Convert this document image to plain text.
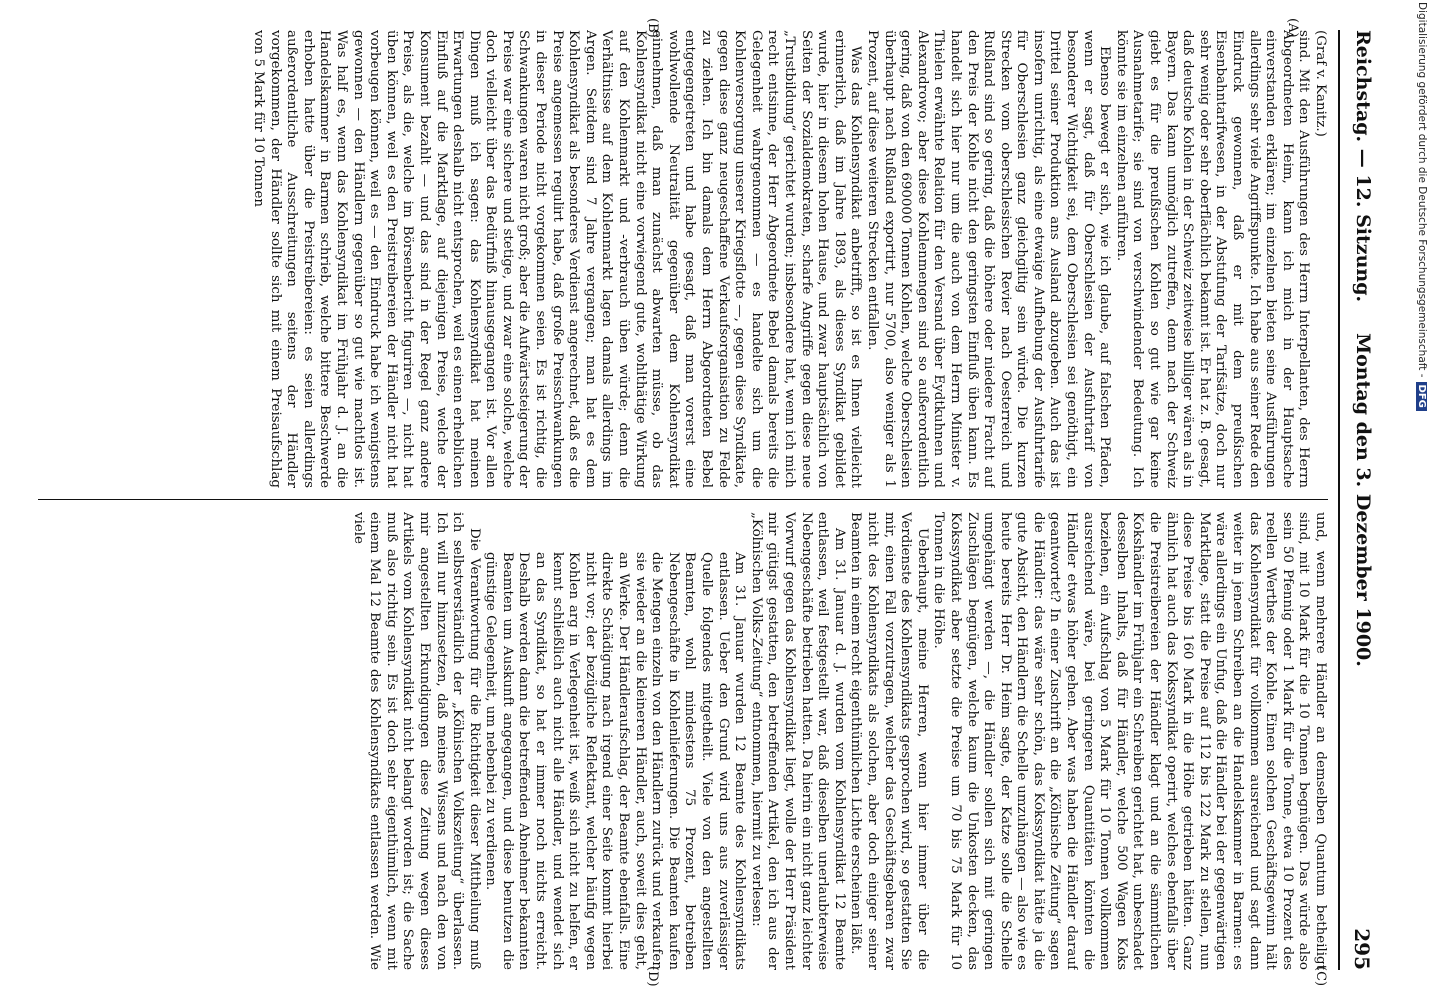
Reichstag. — 12. Sitzung.
Montag den 3. Dezember 1900.
295
(A)
(B)
(C)
(D)

(Graf v. Kanitz.)

sind. Mit den Ausführungen des Herrn Interpellanten, des Herrn Abgeordneten Heim, kann ich mich in der Hauptsache einverstanden erklären; im einzelnen bieten seine Ausführungen allerdings sehr viele Angriffspunkte. Ich habe aus seiner Rede den Eindruck gewonnen, daß er mit dem preußischen Eisenbahntarifwesen, in der Abstufung der Tarifsätze, doch nur sehr wenig oder sehr oberflächlich bekannt ist. Er hat z. B. gesagt, daß deutsche Kohlen in der Schweiz zeitweise billiger wären als in Bayern. Das kann unmöglich zutreffen, denn nach der Schweiz giebt es für die preußischen Kohlen so gut wie gar keine Ausnahmetarife; sie sind von verschwindender Bedeutung. Ich könnte sie im einzelnen anführen.

Ebenso bewegt er sich, wie ich glaube, auf falschen Pfaden, wenn er sagt, daß für Oberschlesien der Ausfuhrtarif von besonderer Wichtigkeit sei, dem Oberschlesien sei genöthigt, ein Drittel seiner Produktion ans Ausland abzugeben. Auch das ist insofern unrichtig, als eine etwaige Aufhebung der Ausfuhrtarife für Oberschlesien ganz gleichgiltig sein würde. Die kurzen Strecken vom oberschlesischen Revier nach Oesterreich und Rußland sind so gering, daß die höhere oder niedere Fracht auf den Preis der Kohle nicht den geringsten Einfluß üben kann. Es handelt sich hier nur um die auch von dem Herrn Minister v. Thielen erwähnte Relation für den Versand über Eydtkuhnen und Alexandrowo; aber diese Kohlenmengen sind so außerordentlich gering, daß von den 690000 Tonnen Kohlen, welche Oberschlesien überhaupt nach Rußland exportirt, nur 5700, also weniger als 1 Prozent, auf diese weiteren Strecken entfallen.

Was das Kohlensyndikat anbetrifft, so ist es Ihnen vielleicht erinnerlich, daß im Jahre 1893, als dieses Syndikat gebildet wurde, hier in diesem hohen Hause, und zwar hauptsächlich von Seiten der Sozialdemokraten, scharfe Angriffe gegen diese neue „Trustbildung“ gerichtet wurden; insbesondere hat, wenn ich mich recht entsinne, der Herr Abgeordnete Bebel damals bereits die Gelegenheit wahrgenommen — es handelte sich um die Kohlenversorgung unserer Kriegsflotte —, gegen diese Syndikate, gegen diese ganz neugeschaffene Verkaufsorganisation zu Felde zu ziehen. Ich bin damals dem Herrn Abgeordneten Bebel entgegengetreten und habe gesagt, daß man vorerst eine wohlwollende Neutralität gegenüber dem Kohlensyndikat einnehmen, daß man zunächst abwarten müsse, ob das Kohlensyndikat nicht eine vorwiegend gute, wohlthätige Wirkung auf den Kohlenmarkt und -verbrauch üben würde; denn die Verhältnisse auf dem Kohlenmarkt lagen damals allerdings im Argen. Seitdem sind 7 Jahre vergangen; man hat es dem Kohlensyndikat als besonderes Verdienst angerechnet, daß es die Preise angemessen regulirt habe, daß große Preisschwankungen in dieser Periode nicht vorgekommen seien. Es ist richtig, die Schwankungen waren nicht groß; aber die Aufwärtssteigerung der Preise war eine sichere und stetige, und zwar eine solche, welche doch vielleicht über das Bedürfniß hinausgegangen ist. Vor allen Dingen muß ich sagen: das Kohlensyndikat hat meinen Erwartungen deshalb nicht entsprochen, weil es einen erheblichen Einfluß auf die Marktlage, auf diejenigen Preise, welche der Konsument bezahlt — und das sind in der Regel ganz andere Preise, als die, welche im Börsenbericht figuriren —, nicht hat üben können, weil es den Preistreibereien der Händler nicht hat vorbeugen können, weil es — den Eindruck habe ich wenigstens gewonnen — den Händlern gegenüber so gut wie machtlos ist. Was half es, wenn das Kohlensyndikat im Frühjahr d. J. an die Handelskammer in Barmen schrieb, welche bittere Beschwerde erhoben hatte über die Preistreibereien: es seien allerdings außerordentliche Ausschreitungen seitens der Händler vorgekommen, der Händler sollte sich mit einem Preisaufschlag von 5 Mark für 10 Tonnen

und, wenn mehrere Händler an demselben Quantum betheiligt sind, mit 10 Mark für die 10 Tonnen begnügen. Das würde also sein 50 Pfennig oder 1 Mark für die Tonne, etwa 10 Prozent des reellen Werthes der Kohle. Einen solchen Geschäftsgewinn hält das Kohlensyndikat für vollkommen ausreichend und sagt dann weiter in jenem Schreiben an die Handelskammer in Barmen: es wäre allerdings ein Unfug, daß die Händler bei der gegenwärtigen Marktlage, statt die Preise auf 112 bis 122 Mark zu stellen, nun diese Preise bis 160 Mark in die Höhe getrieben hätten. Ganz ähnlich hat auch das Kokssyndikat operirt, welches ebenfalls über die Preistreibereien der Händler klagt und an die sämmtlichen Kokshändler im Frühjahr ein Schreiben gerichtet hat, unbeschadet desselben Inhalts, daß für Händler, welche 500 Wagen Koks beziehen, ein Aufschlag von 5 Mark für 10 Tonnen vollkommen ausreichend wäre, bei geringeren Quantitäten könnten die Händler etwas höher gehen. Aber was haben die Händler darauf geantwortet? In einer Zuschrift an die „Kölnische Zeitung“ sagen die Händler: das wäre sehr schön, das Kokssyndikat hätte ja die gute Absicht, den Händlern die Schelle umzuhängen — also wie es heute bereits Herr Dr. Heim sagte, der Katze solle die Schelle umgehängt werden —, die Händler sollen sich mit geringen Zuschlägen begnügen, welche kaum die Unkosten decken, das Kokssyndikat aber setzte die Preise um 70 bis 75 Mark für 10 Tonnen in die Höhe.

Ueberhaupt, meine Herren, wenn hier immer über die Verdienste des Kohlensyndikats gesprochen wird, so gestatten Sie mir, einen Fall vorzutragen, welcher das Geschäftsgebaren zwar nicht des Kohlensyndikats als solchen, aber doch einiger seiner Beamten in einem recht eigenthümlichen Lichte erscheinen läßt.

Am 31. Januar d. J. wurden vom Kohlensyndikat 12 Beamte entlassen, weil festgestellt war, daß dieselben unerlaubterweise Nebengeschäfte betrieben hatten. Da hierin ein nicht ganz leichter Vorwurf gegen das Kohlensyndikat liegt, wolle der Herr Präsident mir gütigst gestatten, den betreffenden Artikel, den ich aus der „Kölnischen Volks-Zeitung“ entnommen, hiermit zu verlesen:

Am 31. Januar wurden 12 Beamte des Kohlensyndikats entlassen. Ueber den Grund wird uns aus zuverlässiger Quelle folgendes mitgetheilt. Viele von den angestellten Beamten, wohl mindestens 75 Prozent, betreiben Nebengeschäfte in Kohlenlieferungen. Die Beamten kaufen die Mengen einzeln von den Händlern zurück und verkaufen sie wieder an die kleineren Händler, auch, soweit dies geht, an Werke. Der Händleraufschlag, der Beamte ebenfalls. Eine direkte Schädigung nach irgend einer Seite kommt hierbei nicht vor; der bezügliche Reflektant, welcher häufig wegen Kohlen arg in Verlegenheit ist, weiß sich nicht zu helfen, er kennt schließlich auch nicht alle Händler, und wendet sich an das Syndikat, so hat er immer noch nichts erreicht. Deshalb werden dann die betreffenden Abnehmer bekannten Beamten um Auskunft angegangen, und diese benutzen die günstige Gelegenheit, um nebenbei zu verdienen.

Die Verantwortung für die Richtigkeit dieser Mittheilung muß ich selbstverständlich der „Kölnischen Volkszeitung“ überlassen. Ich will nur hinzusetzen, daß meines Wissens und nach den von mir angestellten Erkundigungen diese Zeitung wegen dieses Artikels vom Kohlensyndikat nicht belangt worden ist; die Sache muß also richtig sein. Es ist doch sehr eigenthümlich, wenn mit einem Mal 12 Beamte des Kohlensyndikats entlassen werden. Wie viele

Digitalisierung gefördert durch die Deutsche Forschungsgemeinschaft -DFG
